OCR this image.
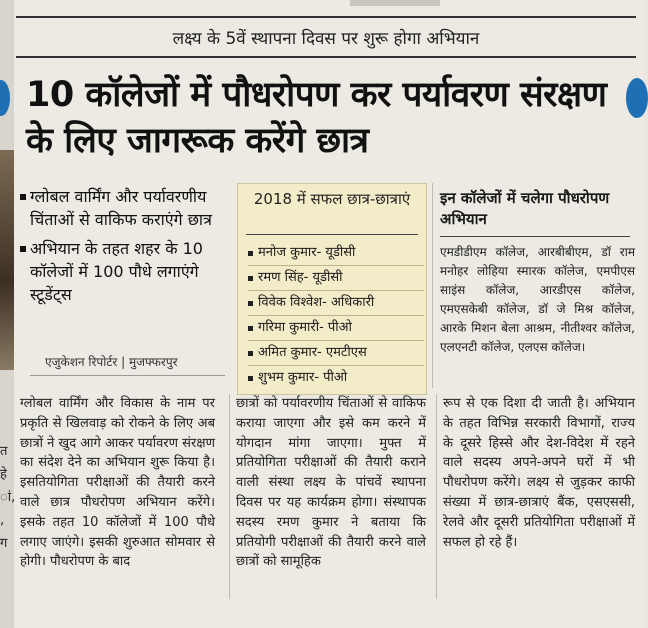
त
हे
ां,
,
ग
लक्ष्य के 5वें स्थापना दिवस पर शुरू होगा अभियान
10 कॉलेजों में पौधरोपण कर पर्यावरण संरक्षण के लिए जागरूक करेंगे छात्र
ग्लोबल वार्मिंग और पर्यावरणीय चिंताओं से वाकिफ कराएंगे छात्र
अभियान के तहत शहर के 10 कॉलेजों में 100 पौधे लगाएंगे स्टूडेंट्स
एजुकेशन रिपोर्टर | मुजफ्फरपुर
2018 में सफल छात्र-छात्राएं
मनोज कुमार- यूडीसी
रमण सिंह- यूडीसी
विवेक विश्वेश- अधिकारी
गरिमा कुमारी- पीओ
अमित कुमार- एमटीएस
शुभम कुमार- पीओ
इन कॉलेजों में चलेगा पौधरोपण अभियान
एमडीडीएम कॉलेज, आरबीबीएम, डॉ राम मनोहर लोहिया स्मारक कॉलेज, एमपीएस साइंस कॉलेज, आरडीएस कॉलेज, एमएसकेबी कॉलेज, डॉ जे मिश्र कॉलेज, आरके मिशन बेला आश्रम, नीतीश्वर कॉलेज, एलएनटी कॉलेज, एलएस कॉलेज।
ग्लोबल वार्मिंग और विकास के नाम पर प्रकृति से खिलवाड़ को रोकने के लिए अब छात्रों ने खुद आगे आकर पर्यावरण संरक्षण का संदेश देने का अभियान शुरू किया है। इसतियोगिता परीक्षाओं की तैयारी करने वाले छात्र पौधरोपण अभियान करेंगे। इसके तहत 10 कॉलेजों में 100 पौधे लगाए जाएंगे। इसकी शुरुआत सोमवार से होगी। पौधरोपण के बाद
छात्रों को पर्यावरणीय चिंताओं से वाकिफ कराया जाएगा और इसे कम करने में योगदान मांगा जाएगा। मुफ्त में प्रतियोगिता परीक्षाओं की तैयारी कराने वाली संस्था लक्ष्य के पांचवें स्थापना दिवस पर यह कार्यक्रम होगा। संस्थापक सदस्य रमण कुमार ने बताया कि प्रतियोगी परीक्षाओं की तैयारी करने वाले छात्रों को सामूहिक
रूप से एक दिशा दी जाती है। अभियान के तहत विभिन्न सरकारी विभागों, राज्य के दूसरे हिस्से और देश-विदेश में रहने वाले सदस्य अपने-अपने घरों में भी पौधरोपण करेंगे। लक्ष्य से जुड़कर काफी संख्या में छात्र-छात्राएं बैंक, एसएससी, रेलवे और दूसरी प्रतियोगिता परीक्षाओं में सफल हो रहे हैं।
